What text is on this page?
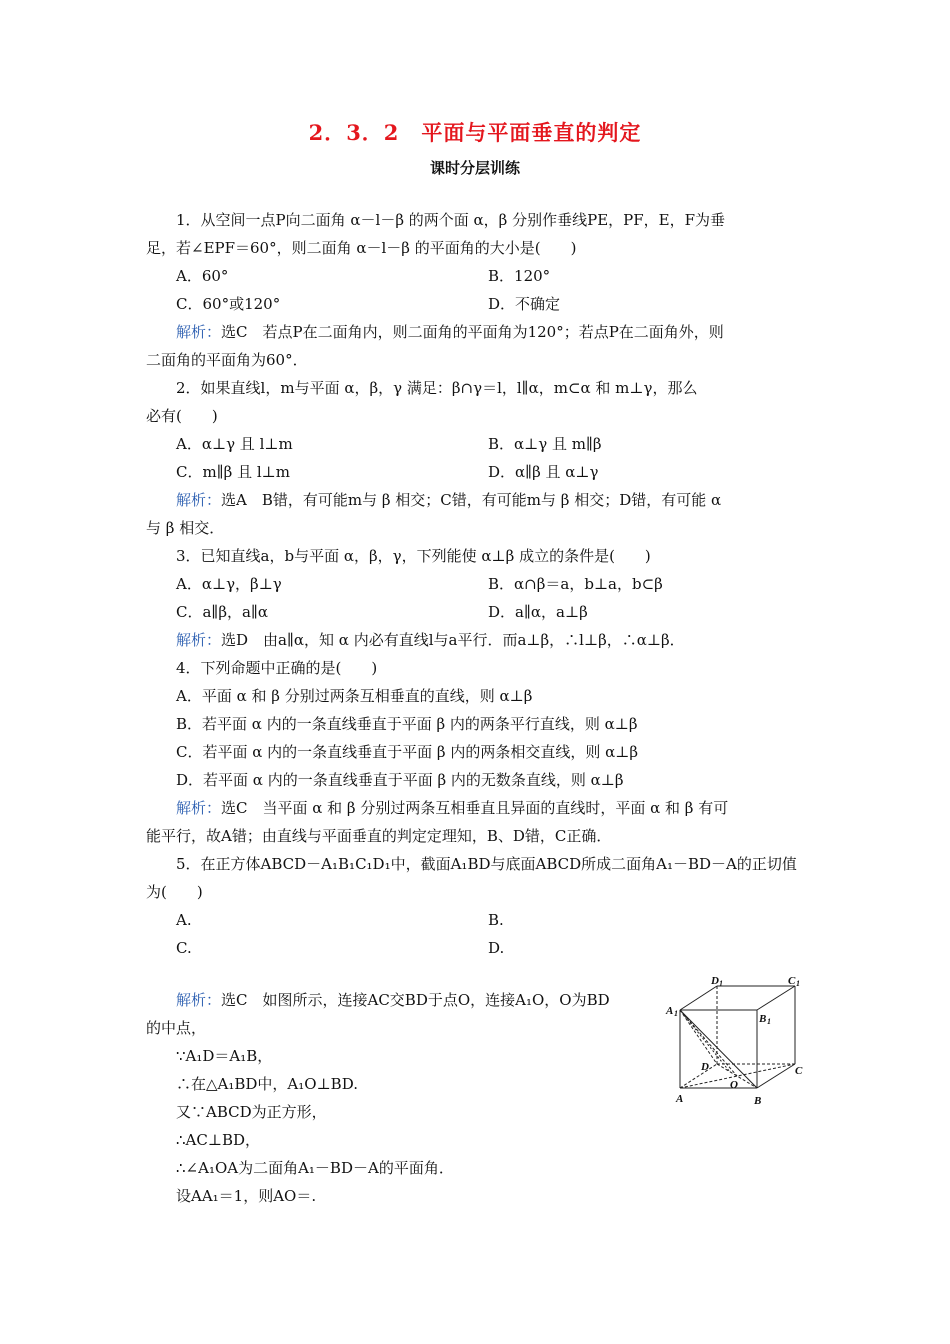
2．3．2　平面与平面垂直的判定
课时分层训练
1．从空间一点P向二面角 α－l－β 的两个面 α，β 分别作垂线PE，PF，E，F为垂
足，若∠EPF＝60°，则二面角 α－l－β 的平面角的大小是(　　)
A．60°	B．120°
C．60°或120°	D．不确定
解析：选C　若点P在二面角内，则二面角的平面角为120°；若点P在二面角外，则
二面角的平面角为60°．
2．如果直线l，m与平面 α，β，γ 满足：β∩γ＝l，l∥α，m⊂α 和 m⊥γ，那么
必有(　　)
A．α⊥γ 且 l⊥m	B．α⊥γ 且 m∥β
C．m∥β 且 l⊥m	D．α∥β 且 α⊥γ
解析：选A　B错，有可能m与 β 相交；C错，有可能m与 β 相交；D错，有可能 α
与 β 相交．
3．已知直线a，b与平面 α，β，γ，下列能使 α⊥β 成立的条件是(　　)
A．α⊥γ，β⊥γ	B．α∩β＝a，b⊥a，b⊂β
C．a∥β，a∥α	D．a∥α，a⊥β
解析：选D　由a∥α，知 α 内必有直线l与a平行．而a⊥β，∴l⊥β，∴α⊥β．
4．下列命题中正确的是(　　)
A．平面 α 和 β 分别过两条互相垂直的直线，则 α⊥β
B．若平面 α 内的一条直线垂直于平面 β 内的两条平行直线，则 α⊥β
C．若平面 α 内的一条直线垂直于平面 β 内的两条相交直线，则 α⊥β
D．若平面 α 内的一条直线垂直于平面 β 内的无数条直线，则 α⊥β
解析：选C　当平面 α 和 β 分别过两条互相垂直且异面的直线时，平面 α 和 β 有可
能平行，故A错；由直线与平面垂直的判定定理知，B、D错，C正确．
5．在正方体ABCD－A₁B₁C₁D₁中，截面A₁BD与底面ABCD所成二面角A₁－BD－A的正切值
为(　　)
A.	B.
C.	D.
解析：选C　如图所示，连接AC交BD于点O，连接A₁O，O为BD
的中点，
∵A₁D＝A₁B，
∴在△A₁BD中，A₁O⊥BD.
又∵ABCD为正方形，
∴AC⊥BD，
∴∠A₁OA为二面角A₁－BD－A的平面角．
设AA₁＝1，则AO＝.
D 1	C 1
A 1	B 1
D
O
C
A	B
